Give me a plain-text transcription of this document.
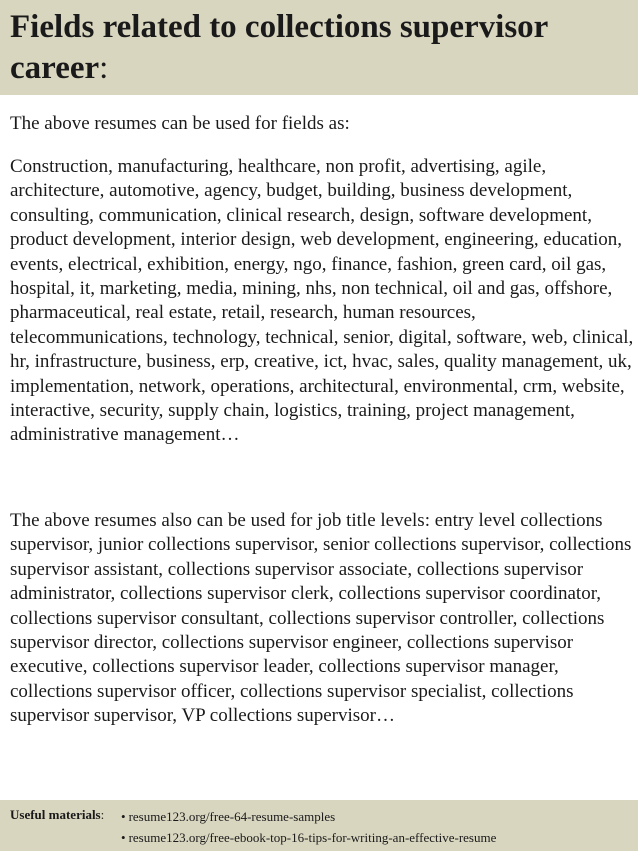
Fields related to collections supervisor career:

The above resumes can be used for fields as:

Construction, manufacturing, healthcare, non profit, advertising, agile, architecture, automotive, agency, budget, building, business development, consulting, communication, clinical research, design, software development, product development, interior design, web development, engineering, education, events, electrical, exhibition, energy, ngo, finance, fashion, green card, oil gas, hospital, it, marketing, media, mining, nhs, non technical, oil and gas, offshore, pharmaceutical, real estate, retail, research, human resources, telecommunications, technology, technical, senior, digital, software, web, clinical, hr, infrastructure, business, erp, creative, ict, hvac, sales, quality management, uk, implementation, network, operations, architectural, environmental, crm, website, interactive, security, supply chain, logistics, training, project management, administrative management…

The above resumes also can be used for job title levels: entry level collections supervisor, junior collections supervisor, senior collections supervisor, collections supervisor assistant, collections supervisor associate, collections supervisor administrator, collections supervisor clerk, collections supervisor coordinator, collections supervisor consultant, collections supervisor controller, collections supervisor director, collections supervisor engineer, collections supervisor executive, collections supervisor leader, collections supervisor manager, collections supervisor officer, collections supervisor specialist, collections supervisor supervisor, VP collections supervisor…

Useful materials: • resume123.org/free-64-resume-samples
• resume123.org/free-ebook-top-16-tips-for-writing-an-effective-resume
